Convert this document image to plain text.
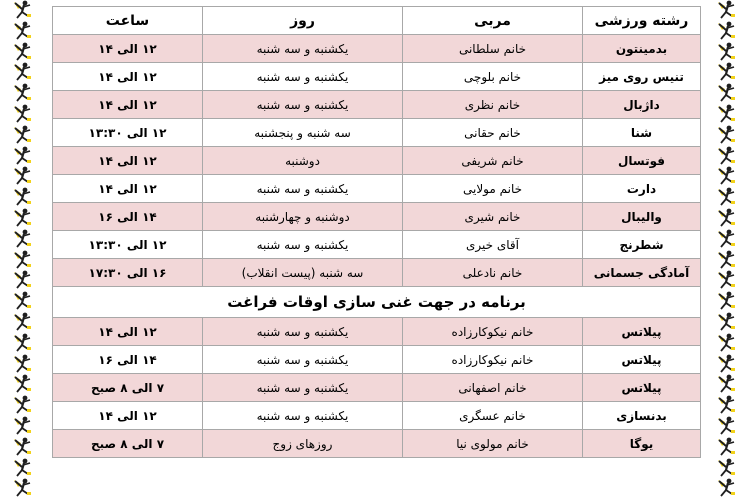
رشته ورزشی	مربی	روز	ساعت
بدمینتون	خانم سلطانی	یکشنبه و سه شنبه	۱۲ الی ۱۴
تنیس روی میز	خانم بلوچی	یکشنبه و سه شنبه	۱۲ الی ۱۴
داژبال	خانم نظری	یکشنبه و سه شنبه	۱۲ الی ۱۴
شنا	خانم حقانی	سه شنبه و پنجشنبه	۱۲ الی ۱۳:۳۰
فوتسال	خانم شریفی	دوشنبه	۱۲ الی ۱۴
دارت	خانم مولایی	یکشنبه و سه شنبه	۱۲ الی ۱۴
والیبال	خانم شیری	دوشنبه و چهارشنبه	۱۴ الی ۱۶
شطرنج	آقای خیری	یکشنبه و سه شنبه	۱۲ الی ۱۳:۳۰
آمادگی جسمانی	خانم نادعلی	سه شنبه (پیست انقلاب)	۱۶ الی ۱۷:۳۰
برنامه در جهت غنی سازی اوقات فراغت			
پیلاتس	خانم نیکوکارزاده	یکشنبه و سه شنبه	۱۲ الی ۱۴
پیلاتس	خانم نیکوکارزاده	یکشنبه و سه شنبه	۱۴ الی ۱۶
پیلاتس	خانم اصفهانی	یکشنبه و سه شنبه	۷ الی ۸ صبح
بدنسازی	خانم عسگری	یکشنبه و سه شنبه	۱۲ الی ۱۴
یوگا	خانم مولوی نیا	روزهای زوج	۷ الی ۸ صبح
